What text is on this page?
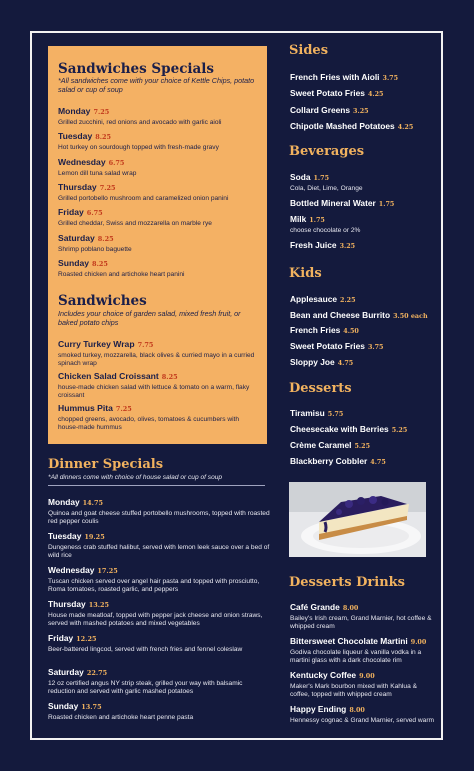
Sandwiches Specials
*All sandwiches come with your choice of Kettle Chips, potato salad or cup of soup
Monday 7.25
Grilled zucchini, red onions and avocado with garlic aioli
Tuesday 8.25
Hot turkey on sourdough topped with fresh-made gravy
Wednesday 6.75
Lemon dill tuna salad wrap
Thursday 7.25
Grilled portobello mushroom and caramelized onion panini
Friday 6.75
Grilled cheddar, Swiss and mozzarella on marble rye
Saturday 8.25
Shrimp poblano baguette
Sunday 8.25
Roasted chicken and artichoke heart panini
Sandwiches
Includes your choice of garden salad, mixed fresh fruit, or baked potato chips
Curry Turkey Wrap 7.75
smoked turkey, mozzarella, black olives & curried mayo in a curried spinach wrap
Chicken Salad Croissant 8.25
house-made chicken salad with lettuce & tomato on a warm, flaky croissant
Hummus Pita 7.25
chopped greens, avocado, olives, tomatoes & cucumbers with house-made hummus
Dinner Specials
*All dinners come with choice of house salad or cup of soup
Monday 14.75
Quinoa and goat cheese stuffed portobello mushrooms, topped with roasted red pepper coulis
Tuesday 19.25
Dungeness crab stuffed halibut, served with lemon leek sauce over a bed of wild rice
Wednesday 17.25
Tuscan chicken served over angel hair pasta and topped with prosciutto, Roma tomatoes, roasted garlic, and peppers
Thursday 13.25
House made meatloaf, topped with pepper jack cheese and onion straws, served with mashed potatoes and mixed vegetables
Friday 12.25
Beer-battered lingcod, served with french fries and fennel coleslaw
Saturday 22.75
12 oz certified angus NY strip steak, grilled your way with balsamic reduction and served with garlic mashed potatoes
Sunday 13.75
Roasted chicken and artichoke heart penne pasta
Sides
French Fries with Aioli 3.75
Sweet Potato Fries 4.25
Collard Greens 3.25
Chipotle Mashed Potatoes 4.25
Beverages
Soda 1.75
Cola, Diet, Lime, Orange
Bottled Mineral Water 1.75
Milk 1.75
choose chocolate or 2%
Fresh Juice 3.25
Kids
Applesauce 2.25
Bean and Cheese Burrito 3.50 each
French Fries 4.50
Sweet Potato Fries 3.75
Sloppy Joe 4.75
Desserts
Tiramisu 5.75
Cheesecake with Berries 5.25
Crème Caramel 5.25
Blackberry Cobbler 4.75
Desserts Drinks
Café Grande 8.00
Bailey's Irish cream, Grand Marnier, hot coffee & whipped cream
Bittersweet Chocolate Martini 9.00
Godiva chocolate liqueur & vanilla vodka in a martini glass with a dark chocolate rim
Kentucky Coffee 9.00
Maker's Mark bourbon mixed with Kahlua & coffee, topped with whipped cream
Happy Ending 8.00
Hennessy cognac & Grand Marnier, served warm
